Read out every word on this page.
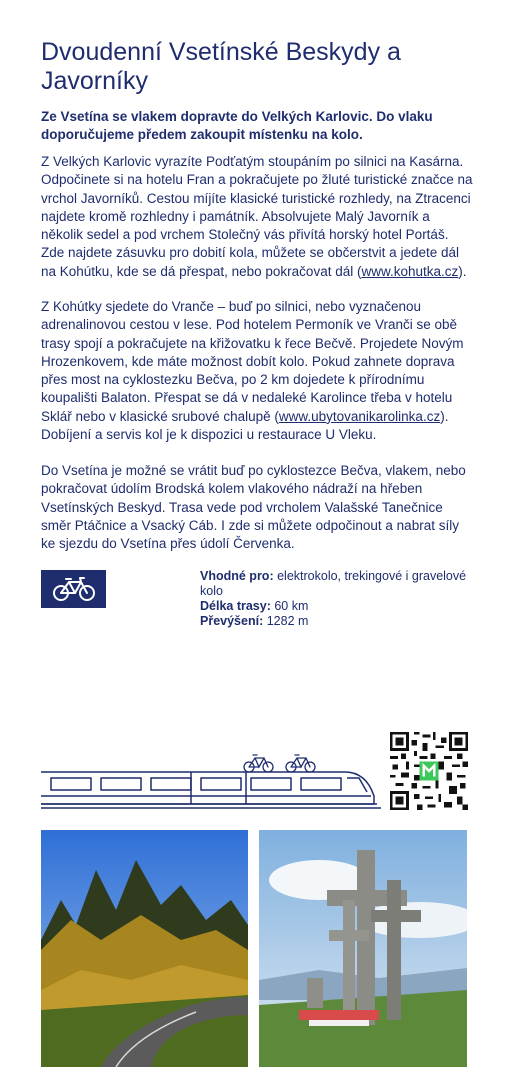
Dvoudenní Vsetínské Beskydy a Javorníky

Ze Vsetína se vlakem dopravte do Velkých Karlovic. Do vlaku doporučujeme předem zakoupit místenku na kolo.

Z Velkých Karlovic vyrazíte Podťatým stoupáním po silnici na Kasárna. Odpočinete si na hotelu Fran a pokračujete po žluté turistické značce na vrchol Javorníků. Cestou míjíte klasické turistické rozhledy, na Ztracenci najdete kromě rozhledny i památník. Absolvujete Malý Javorník a několik sedel a pod vrchem Stolečný vás přivítá horský hotel Portáš. Zde najdete zásuvku pro dobití kola, můžete se občerstvit a jedete dál na Kohútku, kde se dá přespat, nebo pokračovat dál (www.kohutka.cz).

Z Kohútky sjedete do Vranče – buď po silnici, nebo vyznačenou adrenalinovou cestou v lese. Pod hotelem Permoník ve Vranči se obě trasy spojí a pokračujete na křižovatku k řece Bečvě. Projedete Novým Hrozenkovem, kde máte možnost dobít kolo. Pokud zahnete doprava přes most na cyklostezku Bečva, po 2 km dojedete k přírodnímu koupališti Balaton. Přespat se dá v nedaleké Karolince třeba v hotelu Sklář nebo v klasické srubové chalupě (www.ubytovanikarolinka.cz). Dobíjení a servis kol je k dispozici u restaurace U Vleku.

Do Vsetína je možné se vrátit buď po cyklostezce Bečva, vlakem, nebo pokračovat údolím Brodská kolem vlakového nádraží na hřeben Vsetínských Beskyd. Trasa vede pod vrcholem Valašské Tanečnice směr Ptáčnice a Vsacký Cáb. I zde si můžete odpočinout a nabrat síly ke sjezdu do Vsetína přes údolí Červenka.

Vhodné pro: elektrokolo, trekingové i gravelové kolo
Délka trasy: 60 km
Převýšení: 1282 m
